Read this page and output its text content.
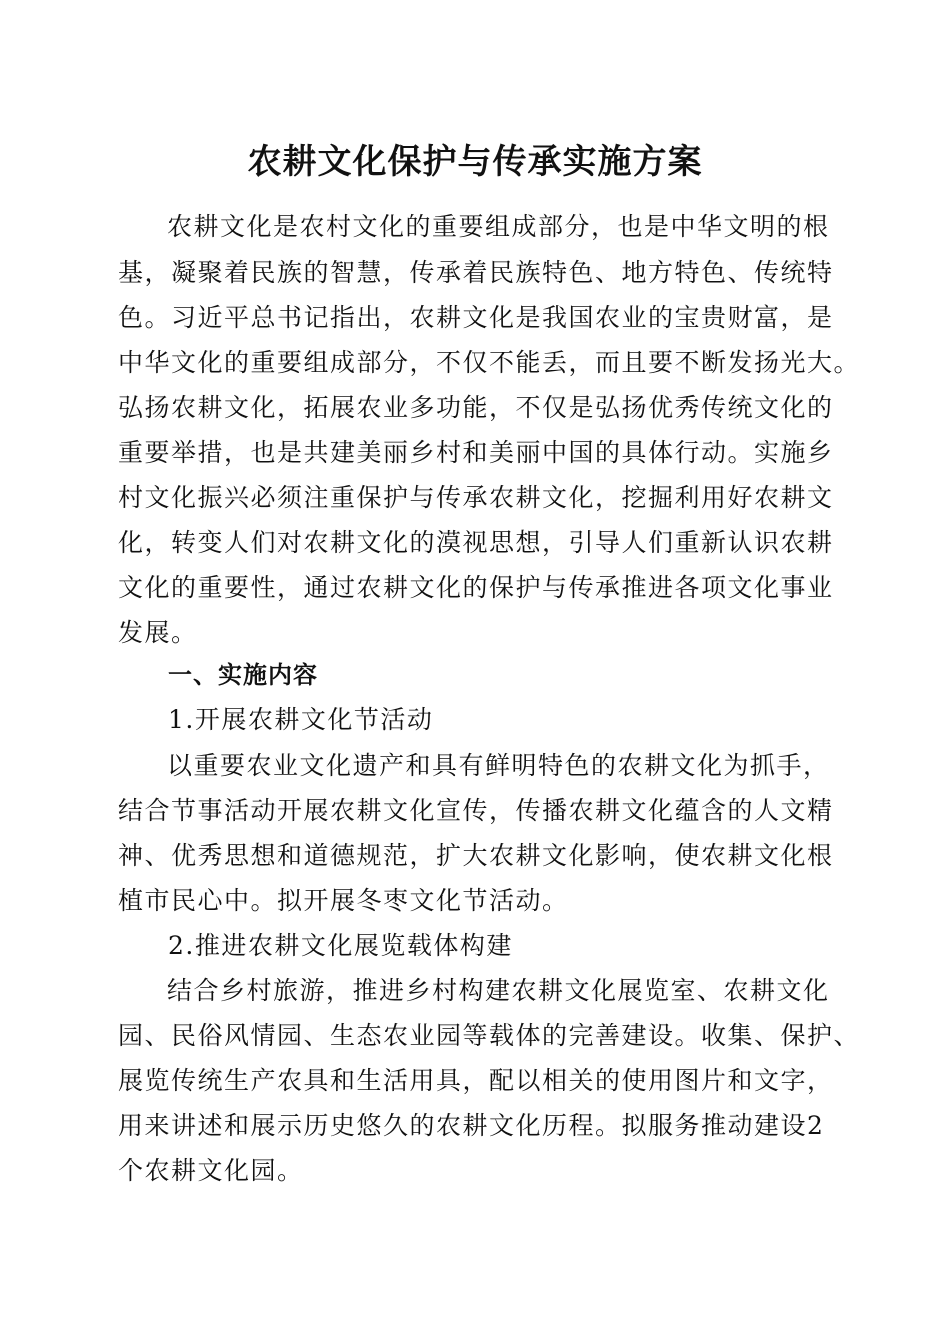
农耕文化保护与传承实施方案
农耕文化是农村文化的重要组成部分，也是中华文明的根
基，凝聚着民族的智慧，传承着民族特色、地方特色、传统特
色。习近平总书记指出，农耕文化是我国农业的宝贵财富，是
中华文化的重要组成部分，不仅不能丢，而且要不断发扬光大。
弘扬农耕文化，拓展农业多功能，不仅是弘扬优秀传统文化的
重要举措，也是共建美丽乡村和美丽中国的具体行动。实施乡
村文化振兴必须注重保护与传承农耕文化，挖掘利用好农耕文
化，转变人们对农耕文化的漠视思想，引导人们重新认识农耕
文化的重要性，通过农耕文化的保护与传承推进各项文化事业
发展。
一、实施内容
1.开展农耕文化节活动
以重要农业文化遗产和具有鲜明特色的农耕文化为抓手，
结合节事活动开展农耕文化宣传，传播农耕文化蕴含的人文精
神、优秀思想和道德规范，扩大农耕文化影响，使农耕文化根
植市民心中。拟开展冬枣文化节活动。
2.推进农耕文化展览载体构建
结合乡村旅游，推进乡村构建农耕文化展览室、农耕文化
园、民俗风情园、生态农业园等载体的完善建设。收集、保护、
展览传统生产农具和生活用具，配以相关的使用图片和文字，
用来讲述和展示历史悠久的农耕文化历程。拟服务推动建设2
个农耕文化园。
